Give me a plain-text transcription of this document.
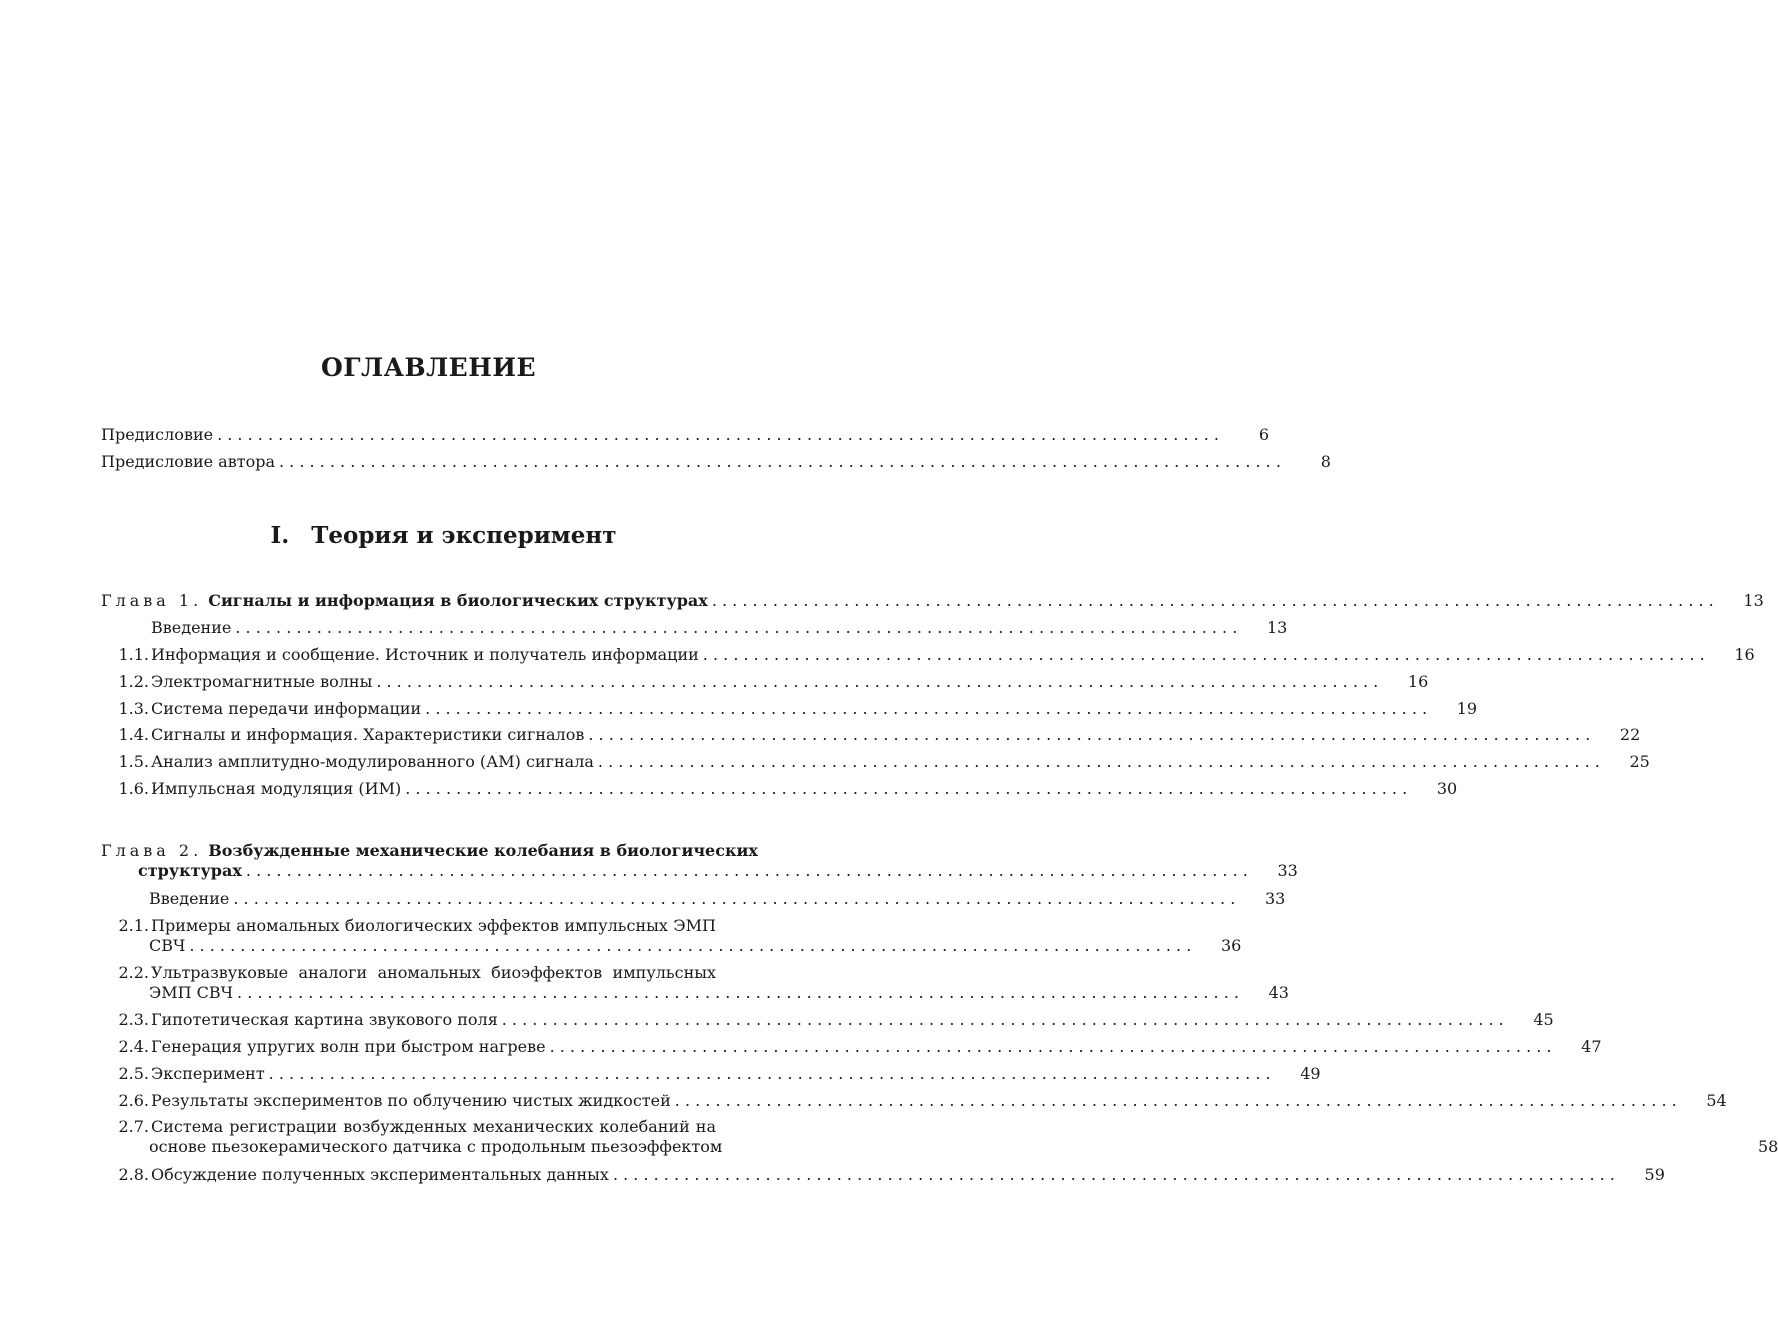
ОГЛАВЛЕНИЕ
Предисловие . . .	6
Предисловие автора . . .	8
I. Теория и эксперимент
Глава 1. Сигналы и информация в биологических структурах . . .	13
Введение . . .	13
1.1. Информация и сообщение. Источник и получатель информации . . .	16
1.2. Электромагнитные волны . . .	16
1.3. Система передачи информации . . .	19
1.4. Сигналы и информация. Характеристики сигналов . . .	22
1.5. Анализ амплитудно-модулированного (АМ) сигнала . . .	25
1.6. Импульсная модуляция (ИМ) . . .	30
Глава 2. Возбужденные механические колебания в биологических
структурах . . .	33
Введение . . .	33
2.1. Примеры аномальных биологических эффектов импульсных ЭМП
СВЧ . . .	36
2.2. Ультразвуковые аналоги аномальных биоэффектов импульсных
ЭМП СВЧ . . .	43
2.3. Гипотетическая картина звукового поля . . .	45
2.4. Генерация упругих волн при быстром нагреве . . .	47
2.5. Эксперимент . . .	49
2.6. Результаты экспериментов по облучению чистых жидкостей . . .	54
2.7. Система регистрации возбужденных механических колебаний на
основе пьезокерамического датчика с продольным пьезоэффектом	58
2.8. Обсуждение полученных экспериментальных данных . . .	59
